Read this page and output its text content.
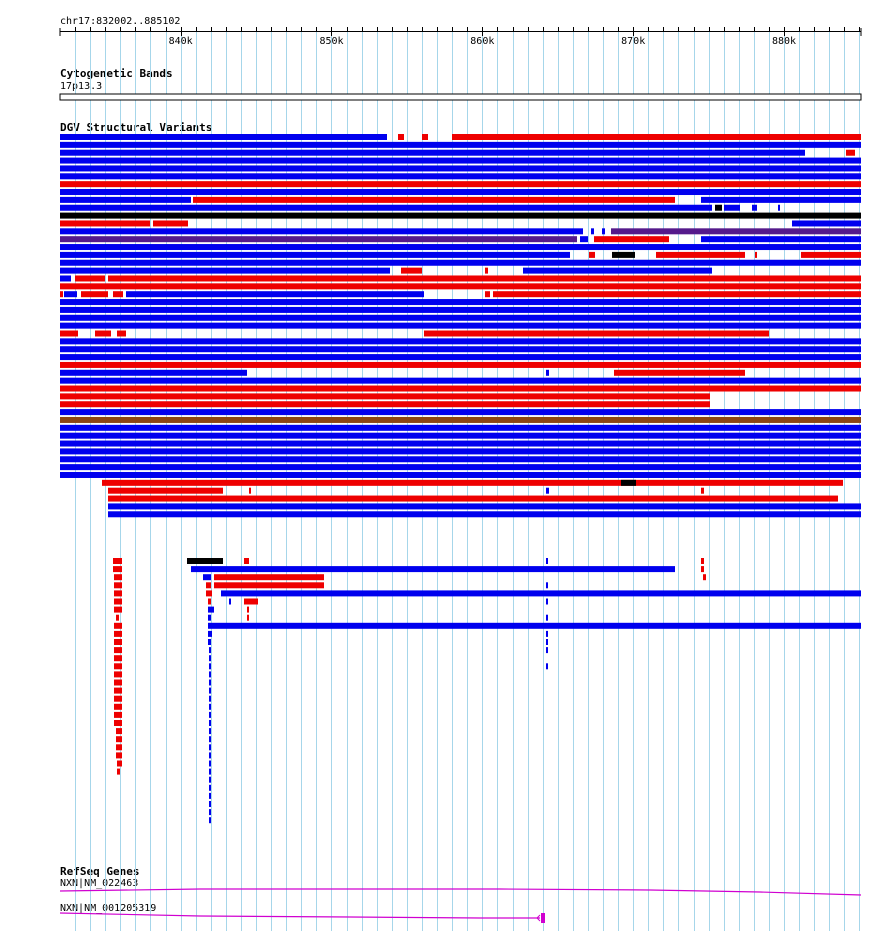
chr17:832002..885102
Cytogenetic Bands
17p13.3
DGV Structural Variants
RefSeq Genes
NXN|NM_022463
NXN|NM_001205319
840k	850k	860k	870k	880k
